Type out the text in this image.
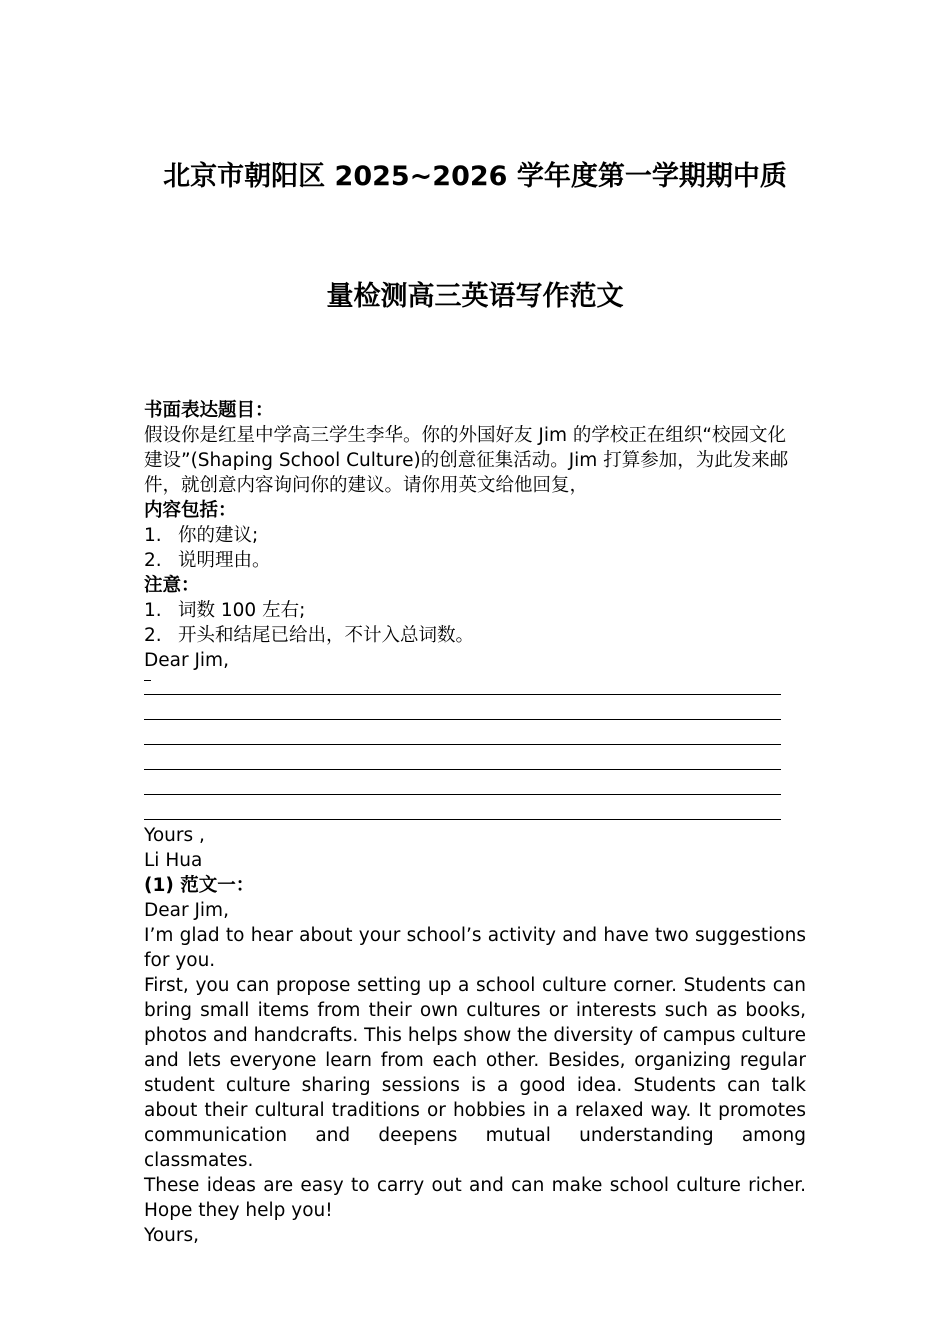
北京市朝阳区 2025~2026 学年度第一学期期中质
量检测高三英语写作范文
书面表达题目：
假设你是红星中学高三学生李华。你的外国好友 Jim 的学校正在组织“校园文化
建设”(Shaping School Culture)的创意征集活动。Jim 打算参加，为此发来邮
件，就创意内容询问你的建议。请你用英文给他回复，
内容包括：
1. 你的建议;
2. 说明理由。
注意：
1. 词数 100 左右;
2. 开头和结尾已给出，不计入总词数。
Dear Jim,
Yours ,
Li Hua
(1) 范文一：
Dear Jim,
I’m glad to hear about your school’s activity and have two suggestions for you.
First, you can propose setting up a school culture corner. Students can bring small items from their own cultures or interests such as books, photos and handcrafts. This helps show the diversity of campus culture and lets everyone learn from each other. Besides, organizing regular student culture sharing sessions is a good idea. Students can talk about their cultural traditions or hobbies in a relaxed way. It promotes communication and deepens mutual understanding among classmates.
These ideas are easy to carry out and can make school culture richer. Hope they help you!
Yours,
